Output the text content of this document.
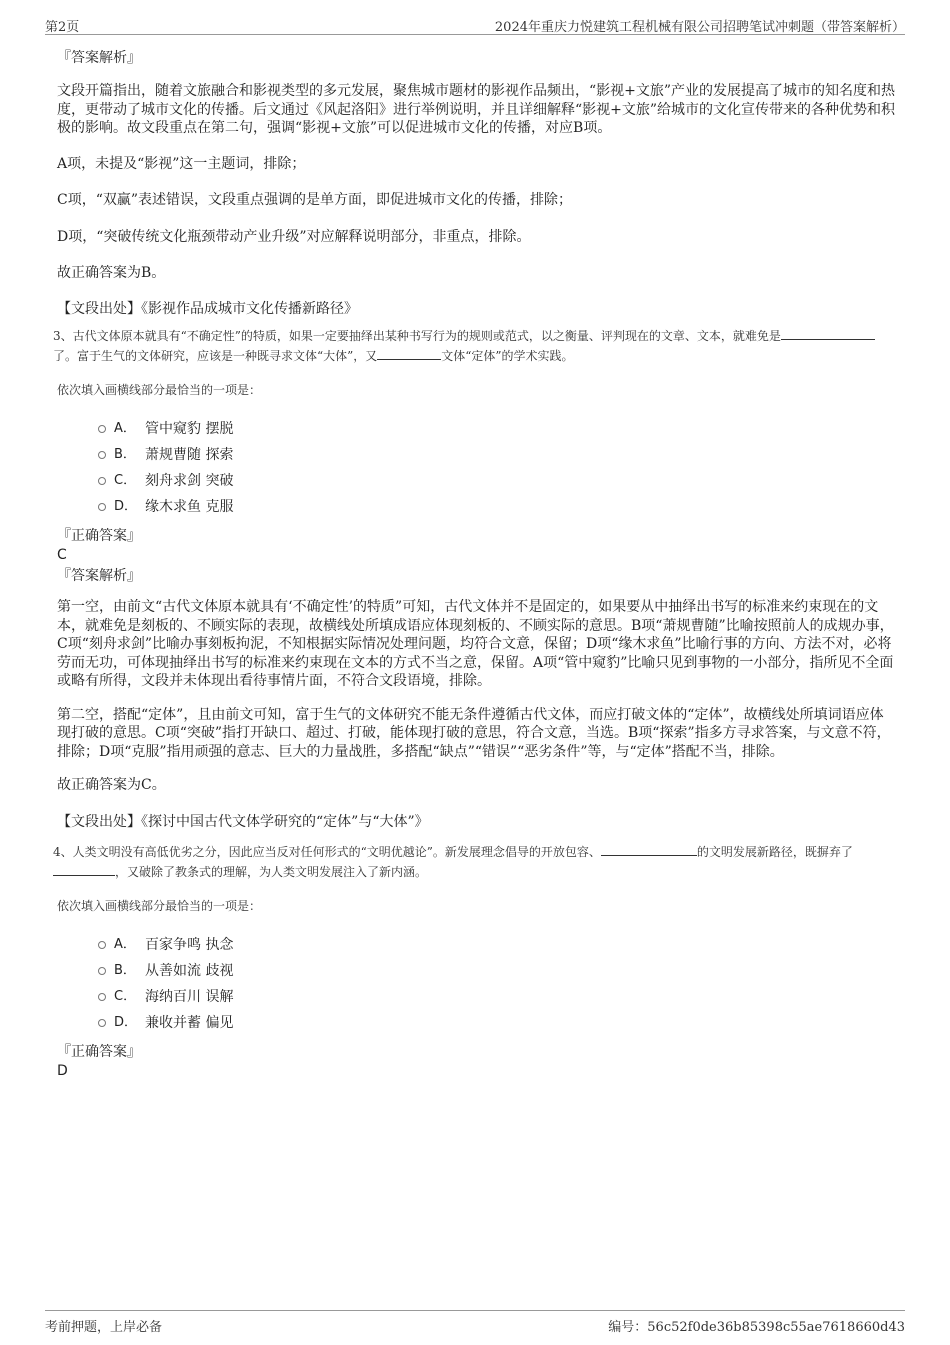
第2页	2024年重庆力悦建筑工程机械有限公司招聘笔试冲刺题（带答案解析）

『答案解析』

文段开篇指出，随着文旅融合和影视类型的多元发展，聚焦城市题材的影视作品频出，“影视+文旅”产业的发展提高了城市的知名度和热度，更带动了城市文化的传播。后文通过《风起洛阳》进行举例说明，并且详细解释“影视+文旅”给城市的文化宣传带来的各种优势和积极的影响。故文段重点在第二句，强调“影视+文旅”可以促进城市文化的传播，对应B项。

A项，未提及“影视”这一主题词，排除；

C项，“双赢”表述错误，文段重点强调的是单方面，即促进城市文化的传播，排除；

D项，“突破传统文化瓶颈带动产业升级”对应解释说明部分，非重点，排除。

故正确答案为B。

【文段出处】《影视作品成城市文化传播新路径》

3、古代文体原本就具有“不确定性”的特质，如果一定要抽绎出某种书写行为的规则或范式，以之衡量、评判现在的文章、文本，就难免是了。富于生气的文体研究，应该是一种既寻求文体“大体”，又	文体“定体”的学术实践。

依次填入画横线部分最恰当的一项是：

A． 管中窥豹 摆脱
B． 萧规曹随 探索
C． 刻舟求剑 突破
D． 缘木求鱼 克服

『正确答案』

C

『答案解析』

第一空，由前文“古代文体原本就具有‘不确定性’的特质”可知，古代文体并不是固定的，如果要从中抽绎出书写的标准来约束现在的文本，就难免是刻板的、不顾实际的表现，故横线处所填成语应体现刻板的、不顾实际的意思。B项“萧规曹随”比喻按照前人的成规办事，C项“刻舟求剑”比喻办事刻板拘泥，不知根据实际情况处理问题，均符合文意，保留；D项“缘木求鱼”比喻行事的方向、方法不对，必将劳而无功，可体现抽绎出书写的标准来约束现在文本的方式不当之意，保留。A项“管中窥豹”比喻只见到事物的一小部分，指所见不全面或略有所得，文段并未体现出看待事情片面，不符合文段语境，排除。

第二空，搭配“定体”，且由前文可知，富于生气的文体研究不能无条件遵循古代文体，而应打破文体的“定体”，故横线处所填词语应体现打破的意思。C项“突破”指打开缺口、超过、打破，能体现打破的意思，符合文意，当选。B项“探索”指多方寻求答案，与文意不符，排除；D项“克服”指用顽强的意志、巨大的力量战胜，多搭配“缺点”“错误”“恶劣条件”等，与“定体”搭配不当，排除。

故正确答案为C。

【文段出处】《探讨中国古代文体学研究的“定体”与“大体”》

4、人类文明没有高低优劣之分，因此应当反对任何形式的“文明优越论”。新发展理念倡导的开放包容、	的文明发展新路径，既摒弃了，又破除了教条式的理解，为人类文明发展注入了新内涵。

依次填入画横线部分最恰当的一项是：

A． 百家争鸣 执念
B． 从善如流 歧视
C． 海纳百川 误解
D． 兼收并蓄 偏见

『正确答案』

D

考前押题，上岸必备	编号：56c52f0de36b85398c55ae7618660d43
